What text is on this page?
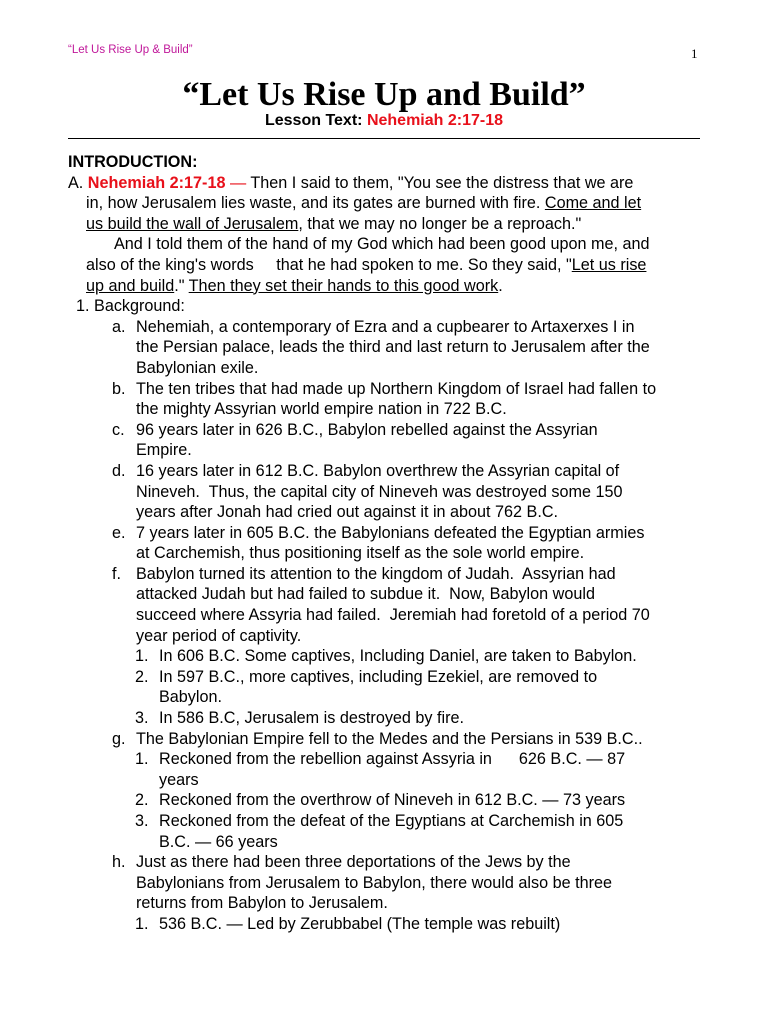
“Let Us Rise Up & Build”	1
“Let Us Rise Up and Build”
Lesson Text: Nehemiah 2:17-18
INTRODUCTION:
A. Nehemiah 2:17-18 — Then I said to them, "You see the distress that we are
in, how Jerusalem lies waste, and its gates are burned with fire. Come and let
us build the wall of Jerusalem, that we may no longer be a reproach."
And I told them of the hand of my God which had been good upon me, and
also of the king's words     that he had spoken to me. So they said, "Let us rise
up and build." Then they set their hands to this good work.
1. Background:
a. Nehemiah, a contemporary of Ezra and a cupbearer to Artaxerxes I in
the Persian palace, leads the third and last return to Jerusalem after the
Babylonian exile.
b. The ten tribes that had made up Northern Kingdom of Israel had fallen to
the mighty Assyrian world empire nation in 722 B.C.
c. 96 years later in 626 B.C., Babylon rebelled against the Assyrian
Empire.
d. 16 years later in 612 B.C. Babylon overthrew the Assyrian capital of
Nineveh.  Thus, the capital city of Nineveh was destroyed some 150
years after Jonah had cried out against it in about 762 B.C.
e. 7 years later in 605 B.C. the Babylonians defeated the Egyptian armies
at Carchemish, thus positioning itself as the sole world empire.
f. Babylon turned its attention to the kingdom of Judah.  Assyrian had
attacked Judah but had failed to subdue it.  Now, Babylon would
succeed where Assyria had failed.  Jeremiah had foretold of a period 70
year period of captivity.
1. In 606 B.C. Some captives, Including Daniel, are taken to Babylon.
2. In 597 B.C., more captives, including Ezekiel, are removed to
Babylon.
3. In 586 B.C, Jerusalem is destroyed by fire.
g. The Babylonian Empire fell to the Medes and the Persians in 539 B.C..
1. Reckoned from the rebellion against Assyria in      626 B.C. — 87
years
2. Reckoned from the overthrow of Nineveh in 612 B.C. — 73 years
3. Reckoned from the defeat of the Egyptians at Carchemish in 605
B.C. — 66 years
h. Just as there had been three deportations of the Jews by the
Babylonians from Jerusalem to Babylon, there would also be three
returns from Babylon to Jerusalem.
1. 536 B.C. — Led by Zerubbabel (The temple was rebuilt)
